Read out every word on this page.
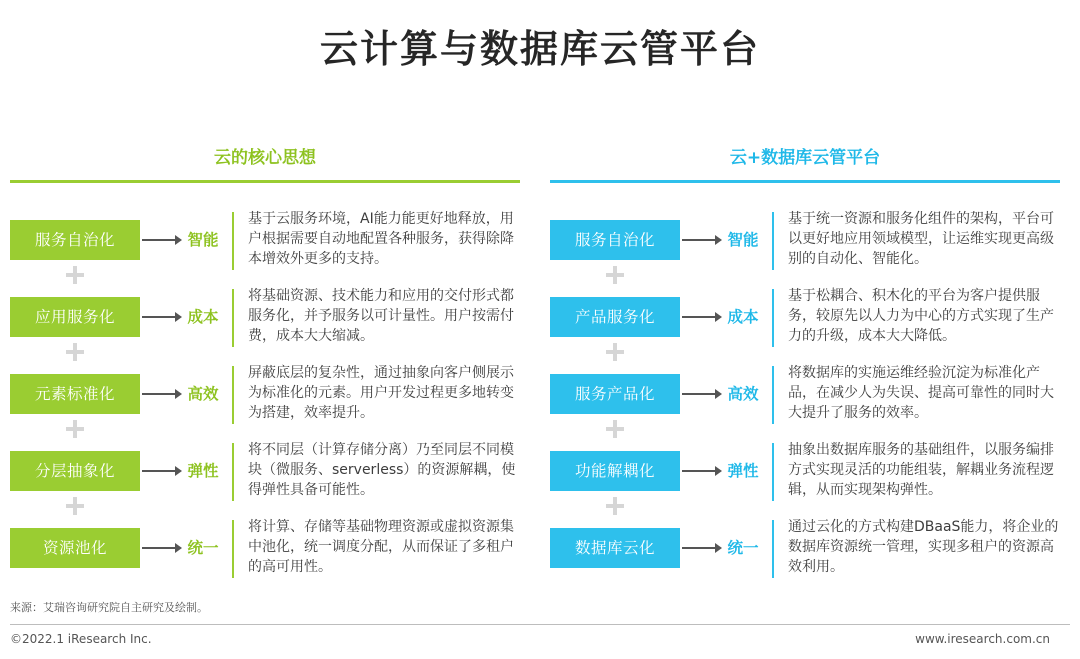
云计算与数据库云管平台
云的核心思想
服务自治化	智能
基于云服务环境，AI能力能更好地释放，用户根据需要自动地配置各种服务，获得除降本增效外更多的支持。
应用服务化	成本
将基础资源、技术能力和应用的交付形式都服务化，并予服务以可计量性。用户按需付费，成本大大缩减。
元素标准化	高效
屏蔽底层的复杂性，通过抽象向客户侧展示为标准化的元素。用户开发过程更多地转变为搭建，效率提升。
分层抽象化	弹性
将不同层（计算存储分离）乃至同层不同模块（微服务、serverless）的资源解耦，使得弹性具备可能性。
资源池化	统一
将计算、存储等基础物理资源或虚拟资源集中池化，统一调度分配，从而保证了多租户的高可用性。
云+数据库云管平台
服务自治化	智能
基于统一资源和服务化组件的架构，平台可以更好地应用领域模型，让运维实现更高级别的自动化、智能化。
产品服务化	成本
基于松耦合、积木化的平台为客户提供服务，较原先以人力为中心的方式实现了生产力的升级，成本大大降低。
服务产品化	高效
将数据库的实施运维经验沉淀为标准化产品，在减少人为失误、提高可靠性的同时大大提升了服务的效率。
功能解耦化	弹性
抽象出数据库服务的基础组件，以服务编排方式实现灵活的功能组装，解耦业务流程逻辑，从而实现架构弹性。
数据库云化	统一
通过云化的方式构建DBaaS能力，将企业的数据库资源统一管理，实现多租户的资源高效利用。
来源：艾瑞咨询研究院自主研究及绘制。
©2022.1 iResearch Inc.	www.iresearch.com.cn
